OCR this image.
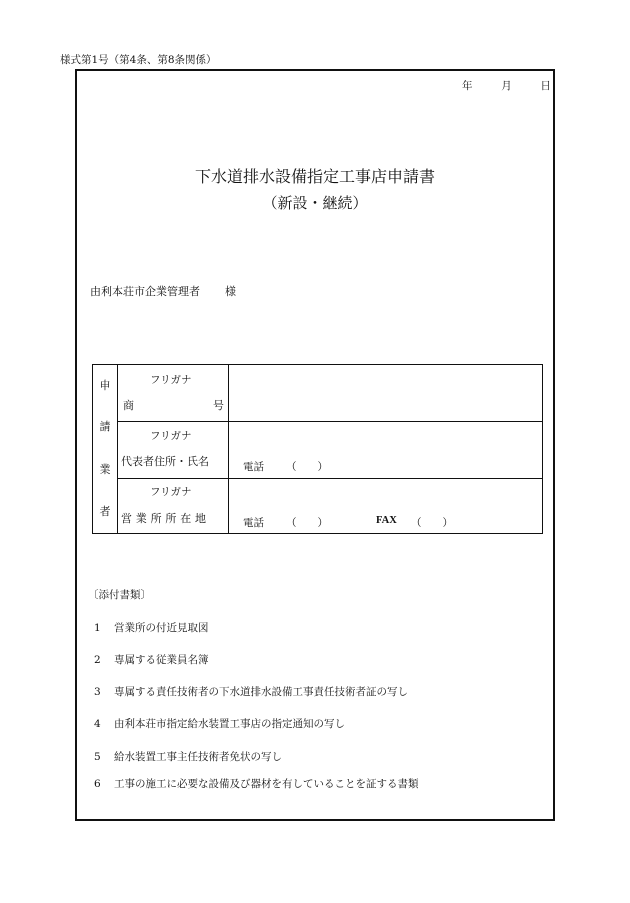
様式第1号（第4条、第8条関係）
年	月	日
下水道排水設備指定工事店申請書
（新設・継続）
由利本荘市企業管理者 様
申
請
業
者
フリガナ
商	号
フリガナ
代表者住所・氏名	電話 （　　）
フリガナ
営業所所在地	電話 （　　）	FAX （　　）
〔添付書類〕
1 営業所の付近見取図
2 専属する従業員名簿
3 専属する責任技術者の下水道排水設備工事責任技術者証の写し
4 由利本荘市指定給水装置工事店の指定通知の写し
5 給水装置工事主任技術者免状の写し
6 工事の施工に必要な設備及び器材を有していることを証する書類
